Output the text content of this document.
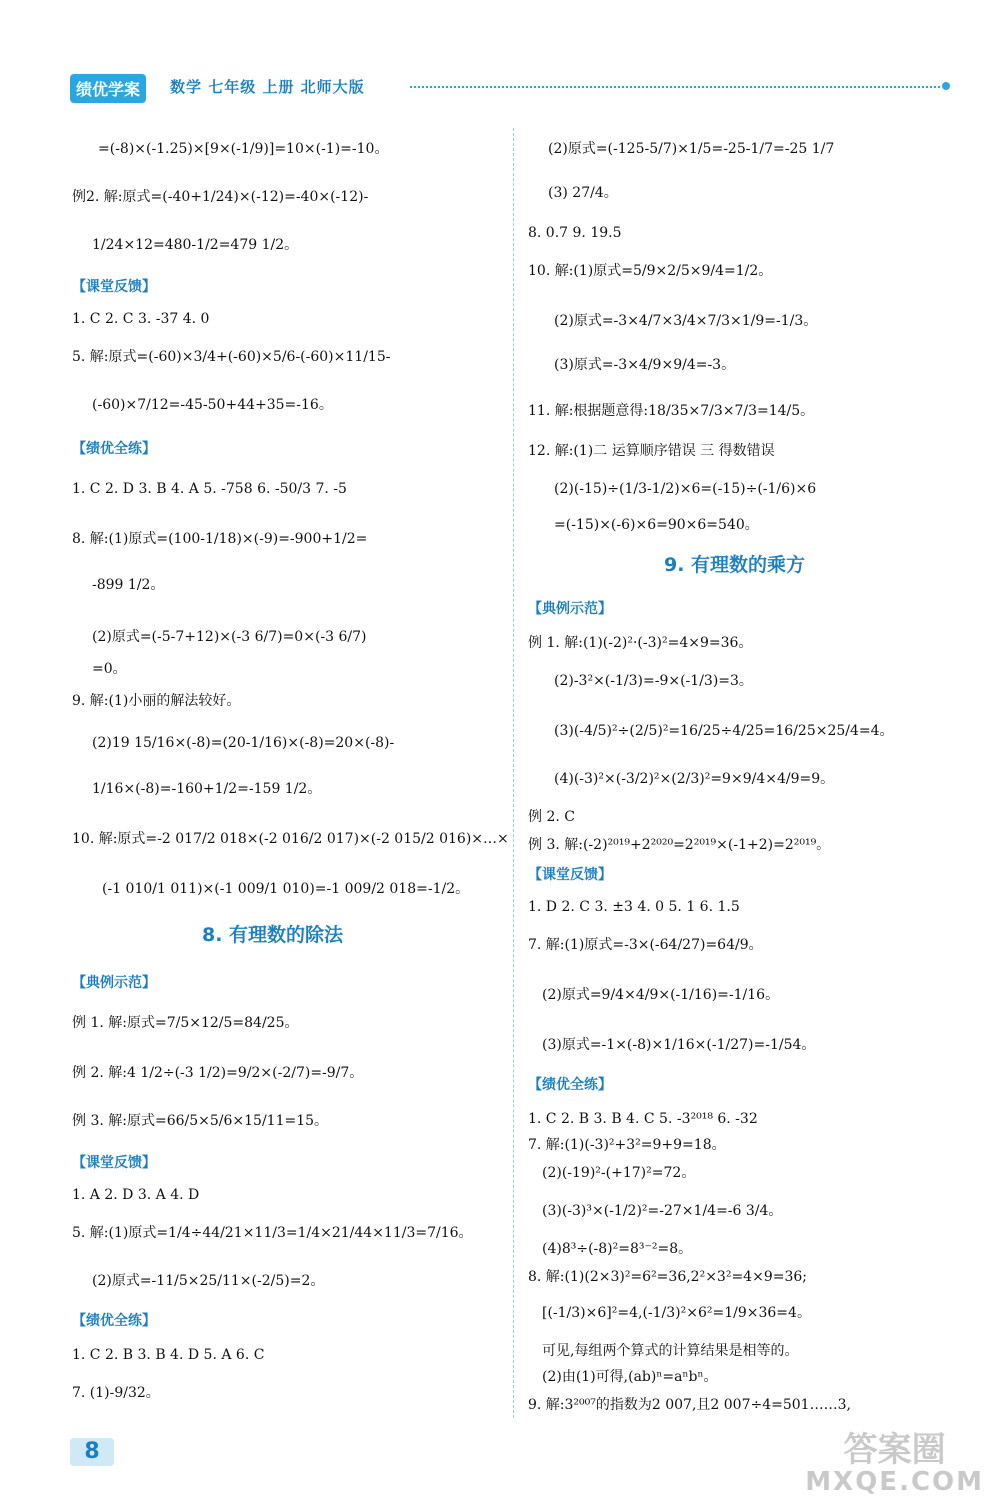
绩优学案	数学 七年级 上册 北师大版
=(-8)×(-1.25)×[9×(-1/9)]=10×(-1)=-10。
例2. 解:原式=(-40+1/24)×(-12)=-40×(-12)-
1/24×12=480-1/2=479 1/2。
【课堂反馈】
1. C 2. C 3. -37 4. 0
5. 解:原式=(-60)×3/4+(-60)×5/6-(-60)×11/15-
(-60)×7/12=-45-50+44+35=-16。
【绩优全练】
1. C 2. D 3. B 4. A 5. -758 6. -50/3 7. -5
8. 解:(1)原式=(100-1/18)×(-9)=-900+1/2=
-899 1/2。
(2)原式=(-5-7+12)×(-3 6/7)=0×(-3 6/7)
=0。
9. 解:(1)小丽的解法较好。
(2)19 15/16×(-8)=(20-1/16)×(-8)=20×(-8)-
1/16×(-8)=-160+1/2=-159 1/2。
10. 解:原式=-2 017/2 018×(-2 016/2 017)×(-2 015/2 016)×…×
(-1 010/1 011)×(-1 009/1 010)=-1 009/2 018=-1/2。
8. 有理数的除法
【典例示范】
例 1. 解:原式=7/5×12/5=84/25。
例 2. 解:4 1/2÷(-3 1/2)=9/2×(-2/7)=-9/7。
例 3. 解:原式=66/5×5/6×15/11=15。
【课堂反馈】
1. A 2. D 3. A 4. D
5. 解:(1)原式=1/4÷44/21×11/3=1/4×21/44×11/3=7/16。
(2)原式=-11/5×25/11×(-2/5)=2。
【绩优全练】
1. C 2. B 3. B 4. D 5. A 6. C
7. (1)-9/32。
(2)原式=(-125-5/7)×1/5=-25-1/7=-25 1/7
(3) 27/4。
8. 0.7 9. 19.5
10. 解:(1)原式=5/9×2/5×9/4=1/2。
(2)原式=-3×4/7×3/4×7/3×1/9=-1/3。
(3)原式=-3×4/9×9/4=-3。
11. 解:根据题意得:18/35×7/3×7/3=14/5。
12. 解:(1)二 运算顺序错误 三 得数错误
(2)(-15)÷(1/3-1/2)×6=(-15)÷(-1/6)×6
=(-15)×(-6)×6=90×6=540。
9. 有理数的乘方
【典例示范】
例 1. 解:(1)(-2)²·(-3)²=4×9=36。
(2)-3²×(-1/3)=-9×(-1/3)=3。
(3)(-4/5)²÷(2/5)²=16/25÷4/25=16/25×25/4=4。
(4)(-3)²×(-3/2)²×(2/3)²=9×9/4×4/9=9。
例 2. C
例 3. 解:(-2)²⁰¹⁹+2²⁰²⁰=2²⁰¹⁹×(-1+2)=2²⁰¹⁹。
【课堂反馈】
1. D 2. C 3. ±3 4. 0 5. 1 6. 1.5
7. 解:(1)原式=-3×(-64/27)=64/9。
(2)原式=9/4×4/9×(-1/16)=-1/16。
(3)原式=-1×(-8)×1/16×(-1/27)=-1/54。
【绩优全练】
1. C 2. B 3. B 4. C 5. -3²⁰¹⁸ 6. -32
7. 解:(1)(-3)²+3²=9+9=18。
(2)(-19)²-(+17)²=72。
(3)(-3)³×(-1/2)²=-27×1/4=-6 3/4。
(4)8³÷(-8)²=8³⁻²=8。
8. 解:(1)(2×3)²=6²=36,2²×3²=4×9=36;
[(-1/3)×6]²=4,(-1/3)²×6²=1/9×36=4。
可见,每组两个算式的计算结果是相等的。
(2)由(1)可得,(ab)ⁿ=aⁿbⁿ。
9. 解:3²⁰⁰⁷的指数为2 007,且2 007÷4=501……3,
8	答案圈
MXQE.COM
